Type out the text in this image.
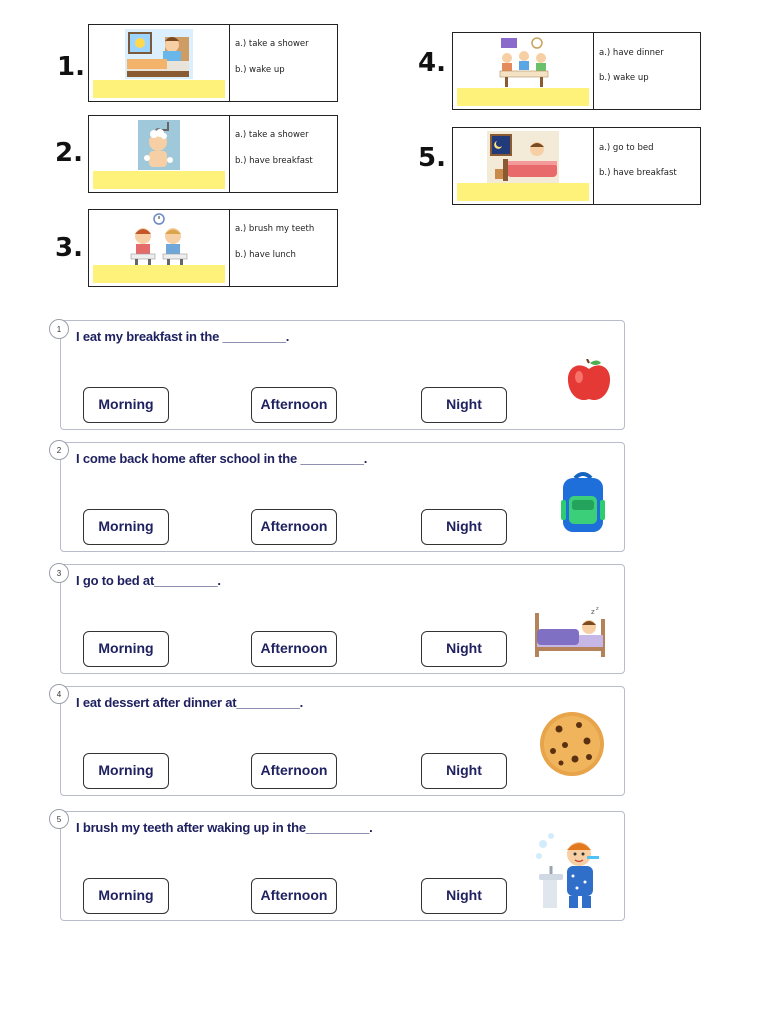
1.
a.) take a shower
b.) wake up
2.
a.) take a shower
b.) have breakfast
3.
a.) brush my teeth
b.) have lunch
4.	a.) have dinner
b.) wake up
5.	a.) go to bed
b.) have breakfast
1	I eat my breakfast in the _________.
Morning	Afternoon	Night
2
I come back home after school in the _________.
Morning	Afternoon	Night
3	I go to bed at_________.
Morning	Afternoon	Night
z z
4
I eat dessert after dinner at_________.
Morning	Afternoon	Night
5
I brush my teeth after waking up in the_________.
Morning	Afternoon	Night
